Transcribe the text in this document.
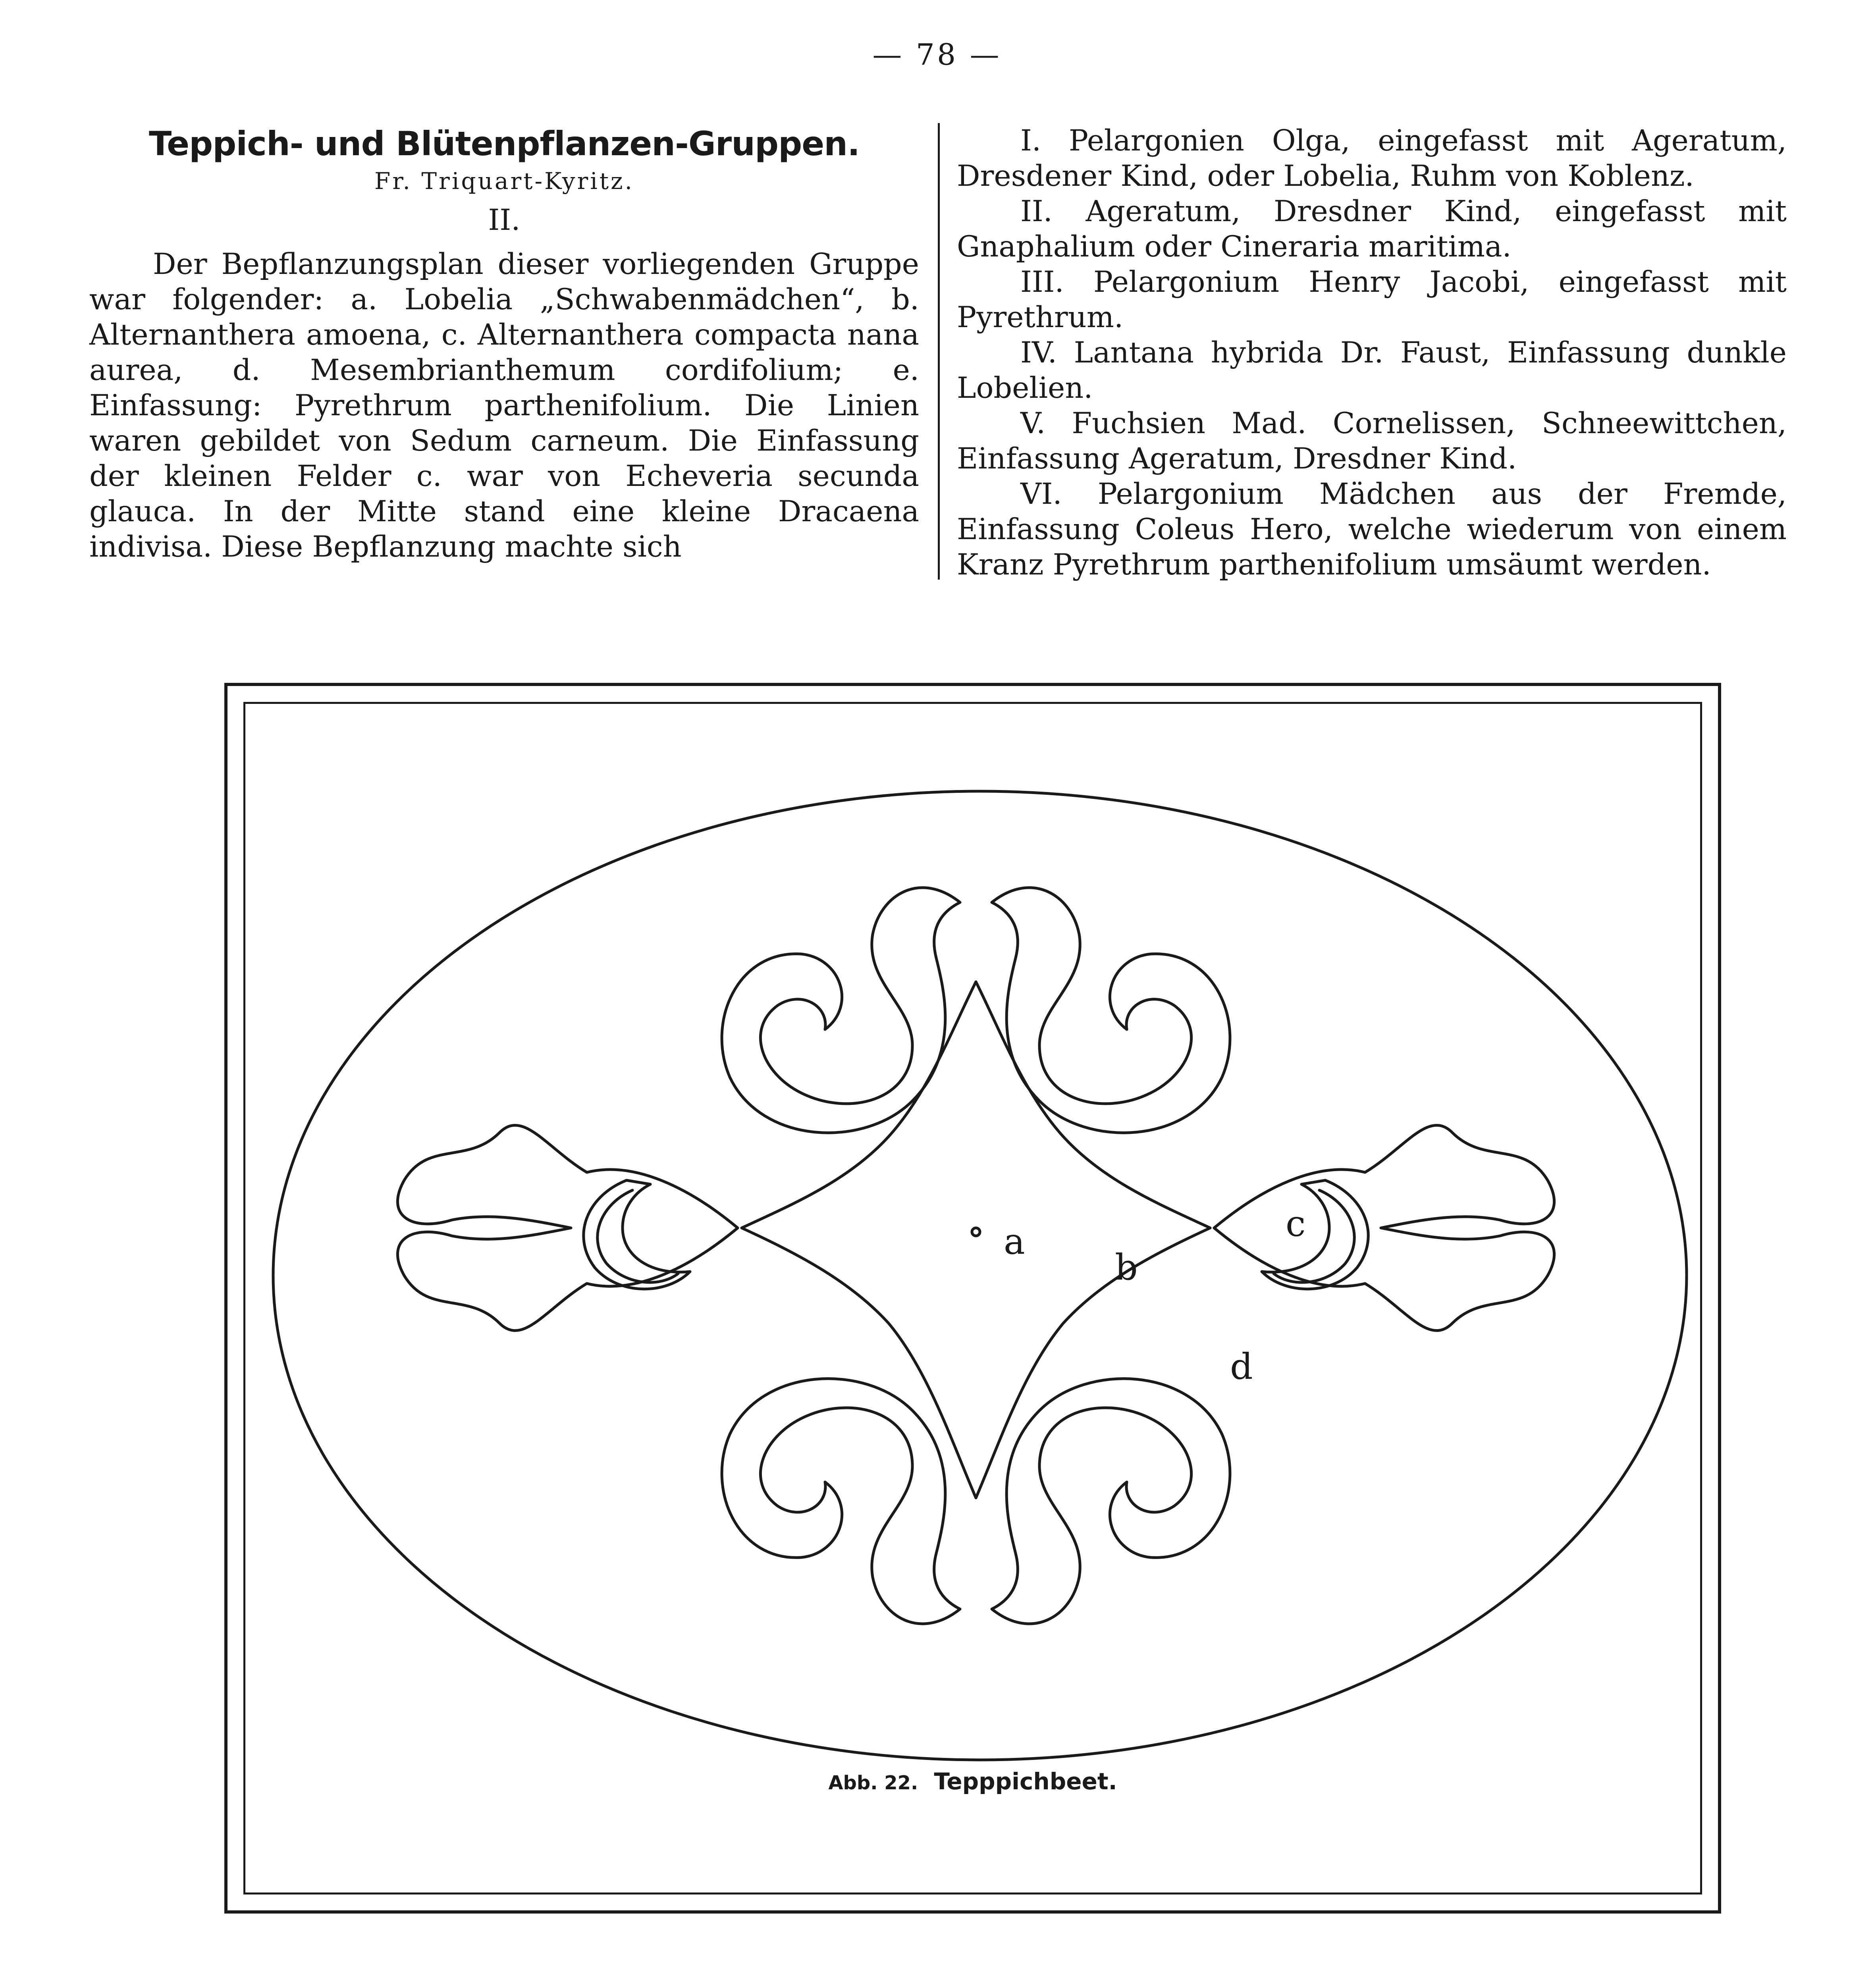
— 78 —
Teppich- und Blütenpflanzen-Gruppen.
Fr. Triquart-Kyritz.
II.

Der Bepflanzungsplan dieser vorliegenden Gruppe war folgender: a. Lobelia „Schwabenmädchen“, b. Alternanthera amoena, c. Alternanthera compacta nana aurea, d. Mesembrianthemum cordifolium; e. Einfassung: Pyrethrum parthenifolium. Die Linien waren gebildet von Sedum carneum. Die Einfassung der kleinen Felder c. war von Echeveria secunda glauca. In der Mitte stand eine kleine Dracaena indivisa. Diese Bepflanzung machte sich

I. Pelargonien Olga, eingefasst mit Ageratum, Dresdener Kind, oder Lobelia, Ruhm von Koblenz.

II. Ageratum, Dresdner Kind, eingefasst mit Gnaphalium oder Cineraria maritima.

III. Pelargonium Henry Jacobi, eingefasst mit Pyrethrum.

IV. Lantana hybrida Dr. Faust, Einfassung dunkle Lobelien.

V. Fuchsien Mad. Cornelissen, Schneewittchen, Einfassung Ageratum, Dresdner Kind.

VI. Pelargonium Mädchen aus der Fremde, Einfassung Coleus Hero, welche wiederum von einem Kranz Pyrethrum parthenifolium umsäumt werden.

a
b
c
d
Abb. 22. Tepppichbeet.
